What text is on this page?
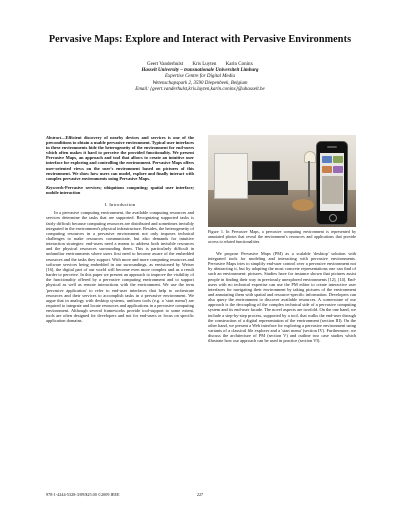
Pervasive Maps: Explore and Interact with Pervasive Environments
Geert Vanderhulst Kris Luyten Karin Coninx
Hasselt University – transnationale Universiteit Limburg
Expertise Centre for Digital Media
Wetenschapspark 2, 3590 Diepenbeek, Belgium
Email: {geert.vanderhulst,kris.luyten,karin.coninx}@uhasselt.be
Abstract—Efficient discovery of nearby devices and services is one of the preconditions to obtain a usable pervasive environment. Typical user interfaces in these environments hide the heterogeneity of the environment for end-users which often makes it hard to perceive the provided functionality. We present Pervasive Maps, an approach and tool that allows to create an intuitive user interface for exploring and controlling the environment. Pervasive Maps offers user-oriented views on the user's environment based on pictures of this environment. We show how users can model, explore and finally interact with complex pervasive environments using Pervasive Maps.
Keywords-Pervasive services; ubiquitous computing; spatial user interface; mobile interaction
I. Introduction

In a pervasive computing environment, the available computing resources and services determine the tasks that are supported. Recognizing supported tasks is fairly difficult because computing resources are distributed and sometimes invisibly integrated in the environment's physical infrastructure. Besides, the heterogeneity of computing resources in a pervasive environment not only imposes technical challenges to make resources communicate, but also demands for intuitive interaction strategies: end-users need a means to address both invisible resources and the physical resources surrounding them. This is particularly difficult in unfamiliar environments where users first need to become aware of the embedded resources and the tasks they support. With more and more computing resources and software services being embedded in our surroundings, as envisioned by Weiser [16], the digital part of our world will become even more complex and as a result harder to perceive. In this paper we present an approach to improve the visibility of the functionality offered by a pervasive computing environment and to support physical as well as remote interactions with the environment. We use the term 'pervasive application' to refer to end-user interfaces that help to orchestrate resources and their services to accomplish tasks in a pervasive environment. We argue that in analogy with desktop systems, uniform tools (e.g. a 'start menu') are required to integrate and locate resources and applications in a pervasive computing environment. Although several frameworks provide tool-support to some extent, tools are often designed for developers and not for end-users or focus on specific application domains.

Figure 1. In Pervasive Maps, a pervasive computing environment is represented by annotated photos that reveal the environment's resources and applications that provide access to related functionalities.

We propose Pervasive Maps (PM) as a scalable 'desktop' solution with integrated tools for modeling and interacting with pervasive environments. Pervasive Maps tries to simplify end-user control over a pervasive environment not by abstracting it, but by adopting the most concrete representations one can find of such an environment: pictures. Studies have for instance shown that pictures assist people in finding their way in previously unexplored environments [12], [14]. End-users with no technical expertise can use the PM editor to create interactive user interfaces for navigating their environment by taking pictures of the environment and annotating them with spatial and resource-specific information. Developers can also query the environment to discover available resources. A cornerstone of our approach is the decoupling of the complex technical side of a pervasive computing system and its end-user facade. The novel aspects are twofold. On the one hand, we include a step-by-step process, supported by a tool, that walks the end-user through the construction of a digital representation of the environment (section III). On the other hand, we present a Web interface for exploring a pervasive environment using variants of a classical file explorer and a 'start menu' (section IV). Furthermore, we discuss the architecture of PM (section V) and outline two case studies which illustrate how our approach can be used in practice (section VI).

978-1-4244-5328-3/09/$25.00 ©2009 IEEE	227
